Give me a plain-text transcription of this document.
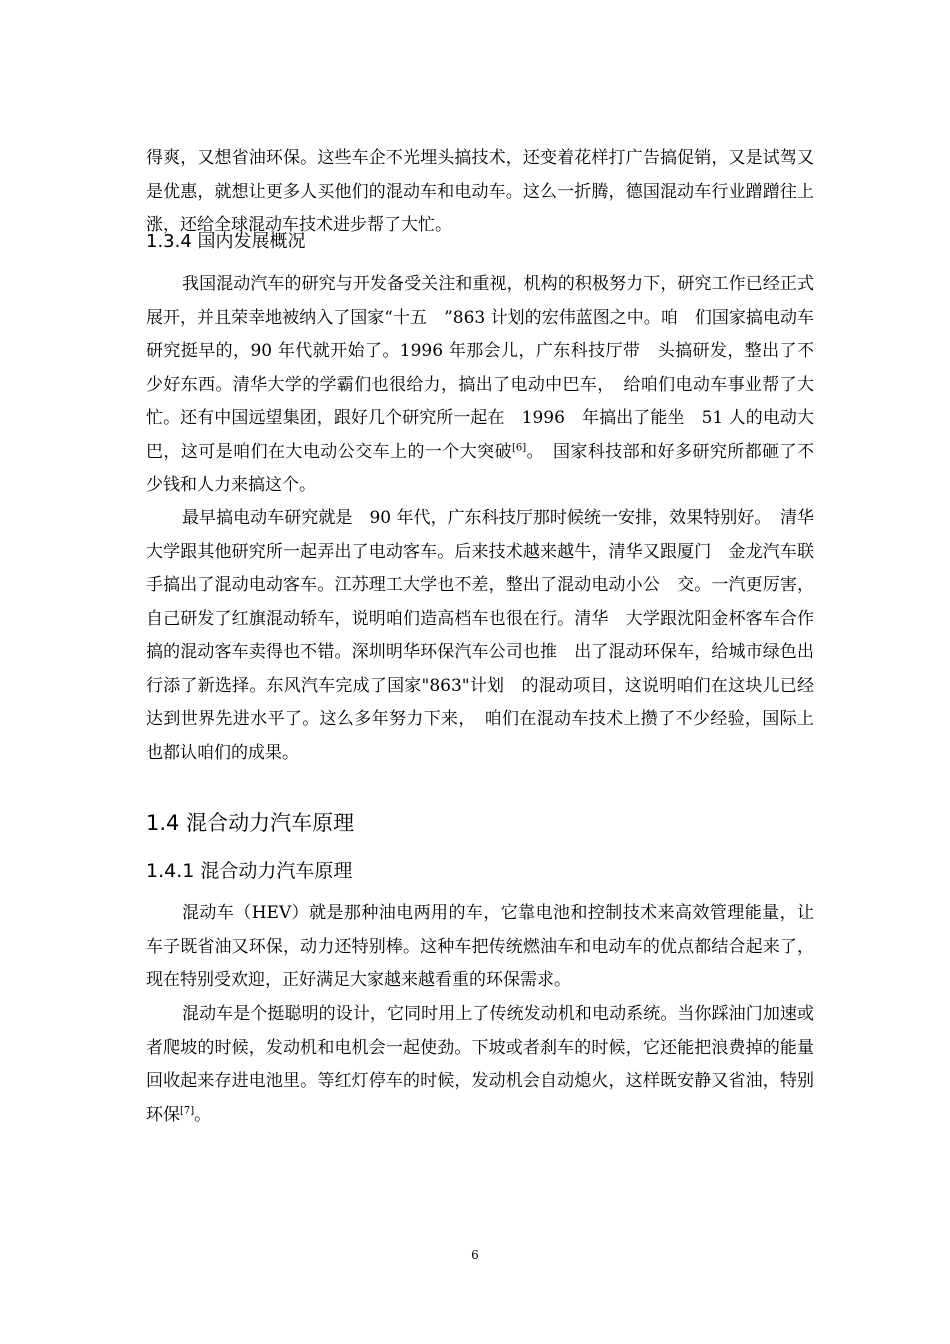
得爽，又想省油环保。这些车企不光埋头搞技术，还变着花样打广告搞促销，又是试驾又是优惠，就想让更多人买他们的混动车和电动车。这么一折腾，德国混动车行业蹭蹭往上涨，还给全球混动车技术进步帮了大忙。

1.3.4 国内发展概况

我国混动汽车的研究与开发备受关注和重视，机构的积极努力下，研究工作已经正式展开，并且荣幸地被纳入了国家“十五　”863 计划的宏伟蓝图之中。咱　们国家搞电动车研究挺早的，90 年代就开始了。1996 年那会儿，广东科技厅带　头搞研发，整出了不少好东西。清华大学的学霸们也很给力，搞出了电动中巴车，　给咱们电动车事业帮了大忙。还有中国远望集团，跟好几个研究所一起在　1996　年搞出了能坐　51 人的电动大巴，这可是咱们在大电动公交车上的一个大突破[6]。　国家科技部和好多研究所都砸了不少钱和人力来搞这个。

最早搞电动车研究就是　90 年代，广东科技厅那时候统一安排，效果特别好。　清华大学跟其他研究所一起弄出了电动客车。后来技术越来越牛，清华又跟厦门　金龙汽车联手搞出了混动电动客车。江苏理工大学也不差，整出了混动电动小公　交。一汽更厉害，自己研发了红旗混动轿车，说明咱们造高档车也很在行。清华　大学跟沈阳金杯客车合作搞的混动客车卖得也不错。深圳明华环保汽车公司也推　出了混动环保车，给城市绿色出行添了新选择。东风汽车完成了国家"863"计划　的混动项目，这说明咱们在这块儿已经达到世界先进水平了。这么多年努力下来，　咱们在混动车技术上攒了不少经验，国际上也都认咱们的成果。

1.4 混合动力汽车原理
1.4.1 混合动力汽车原理

混动车（HEV）就是那种油电两用的车，它靠电池和控制技术来高效管理能量，让车子既省油又环保，动力还特别棒。这种车把传统燃油车和电动车的优点都结合起来了，现在特别受欢迎，正好满足大家越来越看重的环保需求。

混动车是个挺聪明的设计，它同时用上了传统发动机和电动系统。当你踩油门加速或者爬坡的时候，发动机和电机会一起使劲。下坡或者刹车的时候，它还能把浪费掉的能量回收起来存进电池里。等红灯停车的时候，发动机会自动熄火，这样既安静又省油，特别环保[7]。

6
